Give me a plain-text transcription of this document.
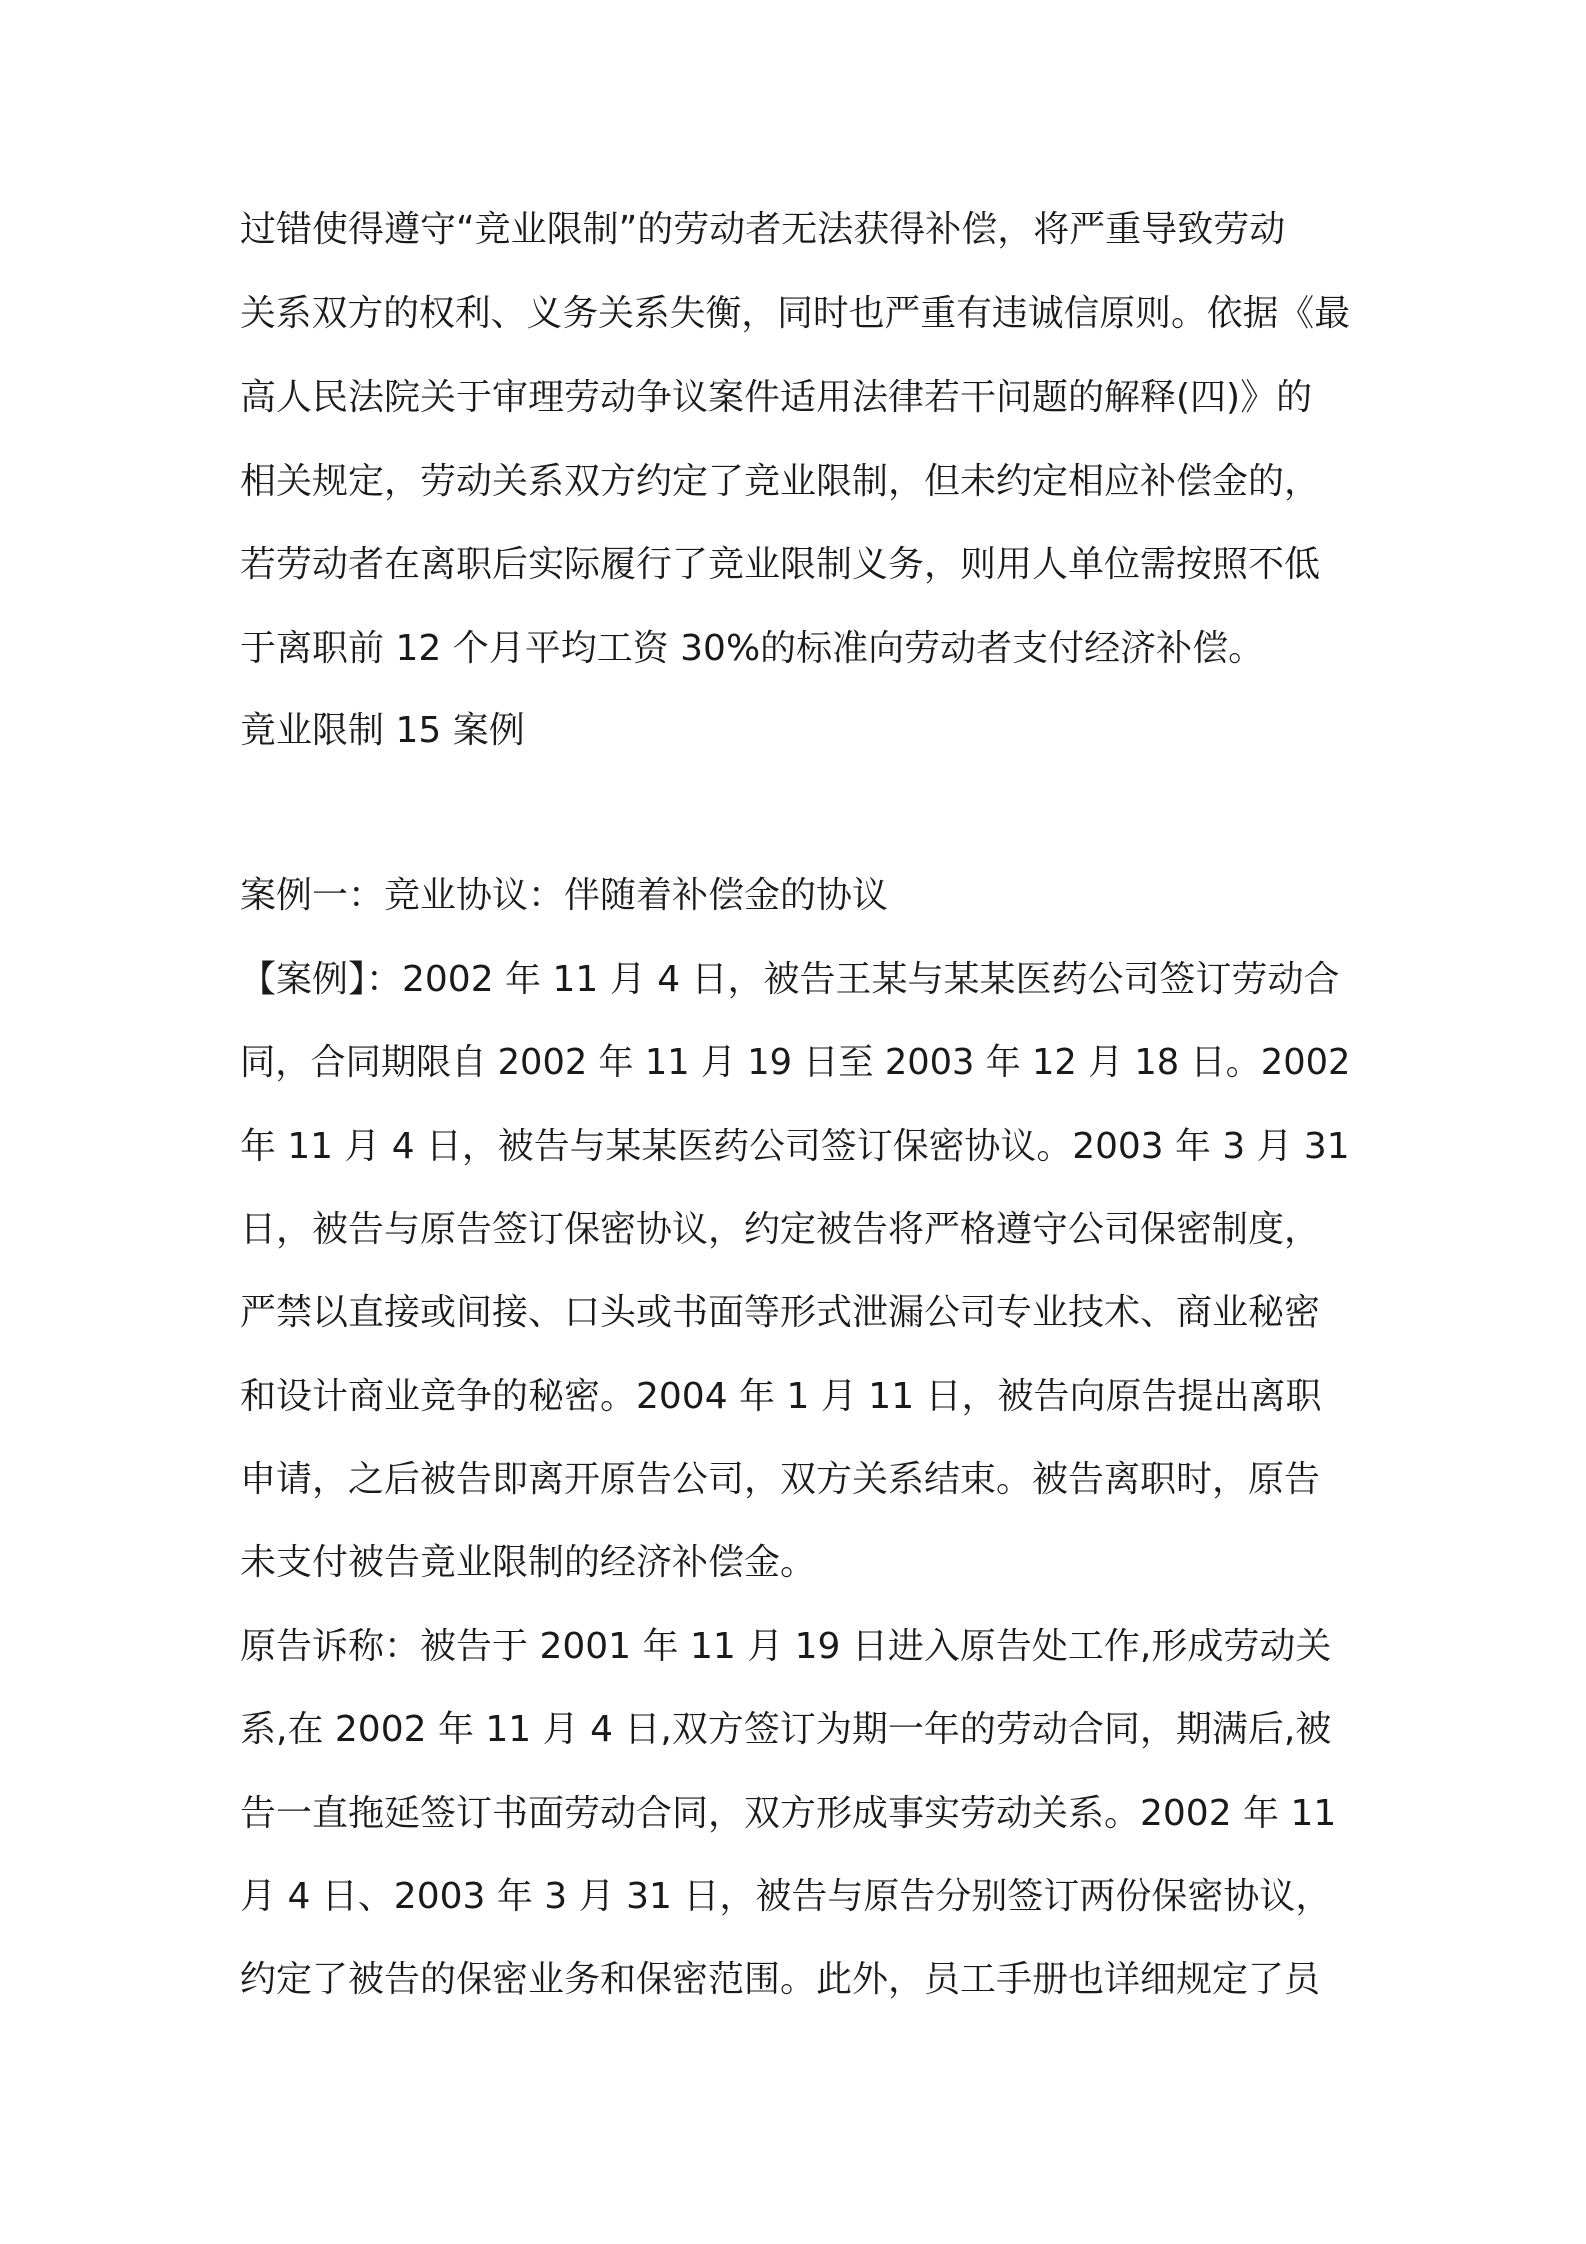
过错使得遵守“竞业限制”的劳动者无法获得补偿，将严重导致劳动
关系双方的权利、义务关系失衡，同时也严重有违诚信原则。依据《最
高人民法院关于审理劳动争议案件适用法律若干问题的解释(四)》的
相关规定，劳动关系双方约定了竞业限制，但未约定相应补偿金的，
若劳动者在离职后实际履行了竞业限制义务，则用人单位需按照不低
于离职前 12 个月平均工资 30%的标准向劳动者支付经济补偿。
竟业限制 15 案例
案例一：竞业协议：伴随着补偿金的协议
【案例】：2002 年 11 月 4 日，被告王某与某某医药公司签订劳动合
同，合同期限自 2002 年 11 月 19 日至 2003 年 12 月 18 日。2002
年 11 月 4 日，被告与某某医药公司签订保密协议。2003 年 3 月 31
日，被告与原告签订保密协议，约定被告将严格遵守公司保密制度，
严禁以直接或间接、口头或书面等形式泄漏公司专业技术、商业秘密
和设计商业竞争的秘密。2004 年 1 月 11 日，被告向原告提出离职
申请，之后被告即离开原告公司，双方关系结束。被告离职时，原告
未支付被告竟业限制的经济补偿金。
原告诉称：被告于 2001 年 11 月 19 日进入原告处工作,形成劳动关
系,在 2002 年 11 月 4 日,双方签订为期一年的劳动合同，期满后,被
告一直拖延签订书面劳动合同，双方形成事实劳动关系。2002 年 11
月 4 日、2003 年 3 月 31 日，被告与原告分别签订两份保密协议，
约定了被告的保密业务和保密范围。此外，员工手册也详细规定了员
